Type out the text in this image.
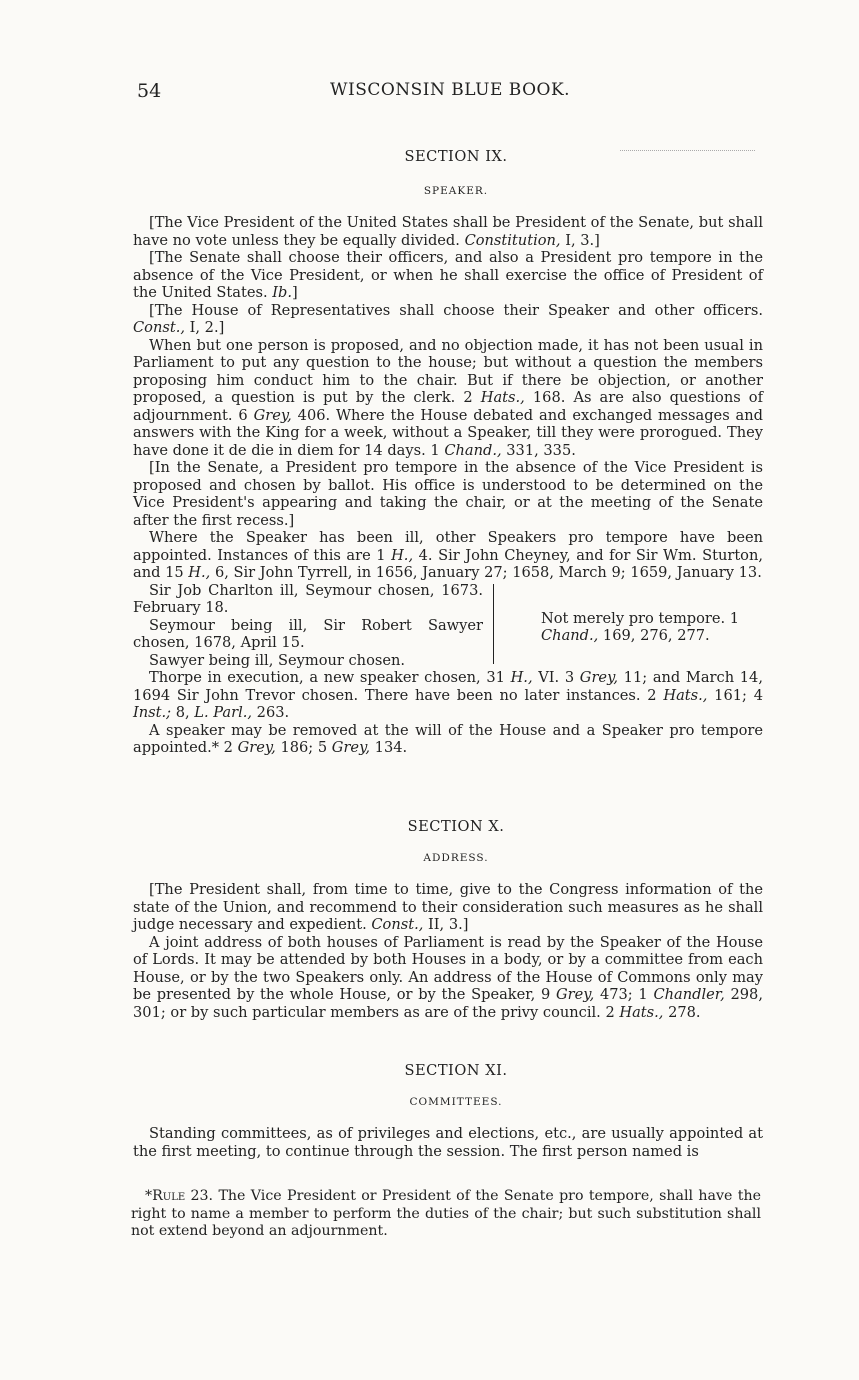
54	WISCONSIN BLUE BOOK.

SECTION IX.

SPEAKER.

[The Vice President of the United States shall be President of the Senate, but shall have no vote unless they be equally divided. Constitution, I, 3.]

[The Senate shall choose their officers, and also a President pro tempore in the absence of the Vice President, or when he shall exercise the office of President of the United States. Ib.]

[The House of Representatives shall choose their Speaker and other officers. Const., I, 2.]

When but one person is proposed, and no objection made, it has not been usual in Parliament to put any question to the house; but without a question the members proposing him conduct him to the chair. But if there be objection, or another proposed, a question is put by the clerk. 2 Hats., 168. As are also questions of adjournment. 6 Grey, 406. Where the House debated and exchanged messages and answers with the King for a week, without a Speaker, till they were prorogued. They have done it de die in diem for 14 days. 1 Chand., 331, 335.

[In the Senate, a President pro tempore in the absence of the Vice President is proposed and chosen by ballot. His office is understood to be determined on the Vice President's appearing and taking the chair, or at the meeting of the Senate after the first recess.]

Where the Speaker has been ill, other Speakers pro tempore have been appointed. Instances of this are 1 H., 4. Sir John Cheyney, and for Sir Wm. Sturton, and 15 H., 6, Sir John Tyrrell, in 1656, January 27; 1658, March 9; 1659, January 13.

Sir Job Charlton ill, Seymour chosen, 1673. February 18.

Seymour being ill, Sir Robert Sawyer chosen, 1678, April 15.

Sawyer being ill, Seymour chosen.

Not merely pro tempore. 1 Chand., 169, 276, 277.

Thorpe in execution, a new speaker chosen, 31 H., VI. 3 Grey, 11; and March 14, 1694 Sir John Trevor chosen. There have been no later instances. 2 Hats., 161; 4 Inst.; 8, L. Parl., 263.

A speaker may be removed at the will of the House and a Speaker pro tempore appointed.* 2 Grey, 186; 5 Grey, 134.

SECTION X.

ADDRESS.

[The President shall, from time to time, give to the Congress information of the state of the Union, and recommend to their consideration such measures as he shall judge necessary and expedient. Const., II, 3.]

A joint address of both houses of Parliament is read by the Speaker of the House of Lords. It may be attended by both Houses in a body, or by a committee from each House, or by the two Speakers only. An address of the House of Commons only may be presented by the whole House, or by the Speaker, 9 Grey, 473; 1 Chandler, 298, 301; or by such particular members as are of the privy council. 2 Hats., 278.

SECTION XI.

COMMITTEES.

Standing committees, as of privileges and elections, etc., are usually appointed at the first meeting, to continue through the session. The first person named is

*Rule 23. The Vice President or President of the Senate pro tempore, shall have the right to name a member to perform the duties of the chair; but such substitution shall not extend beyond an adjournment.
